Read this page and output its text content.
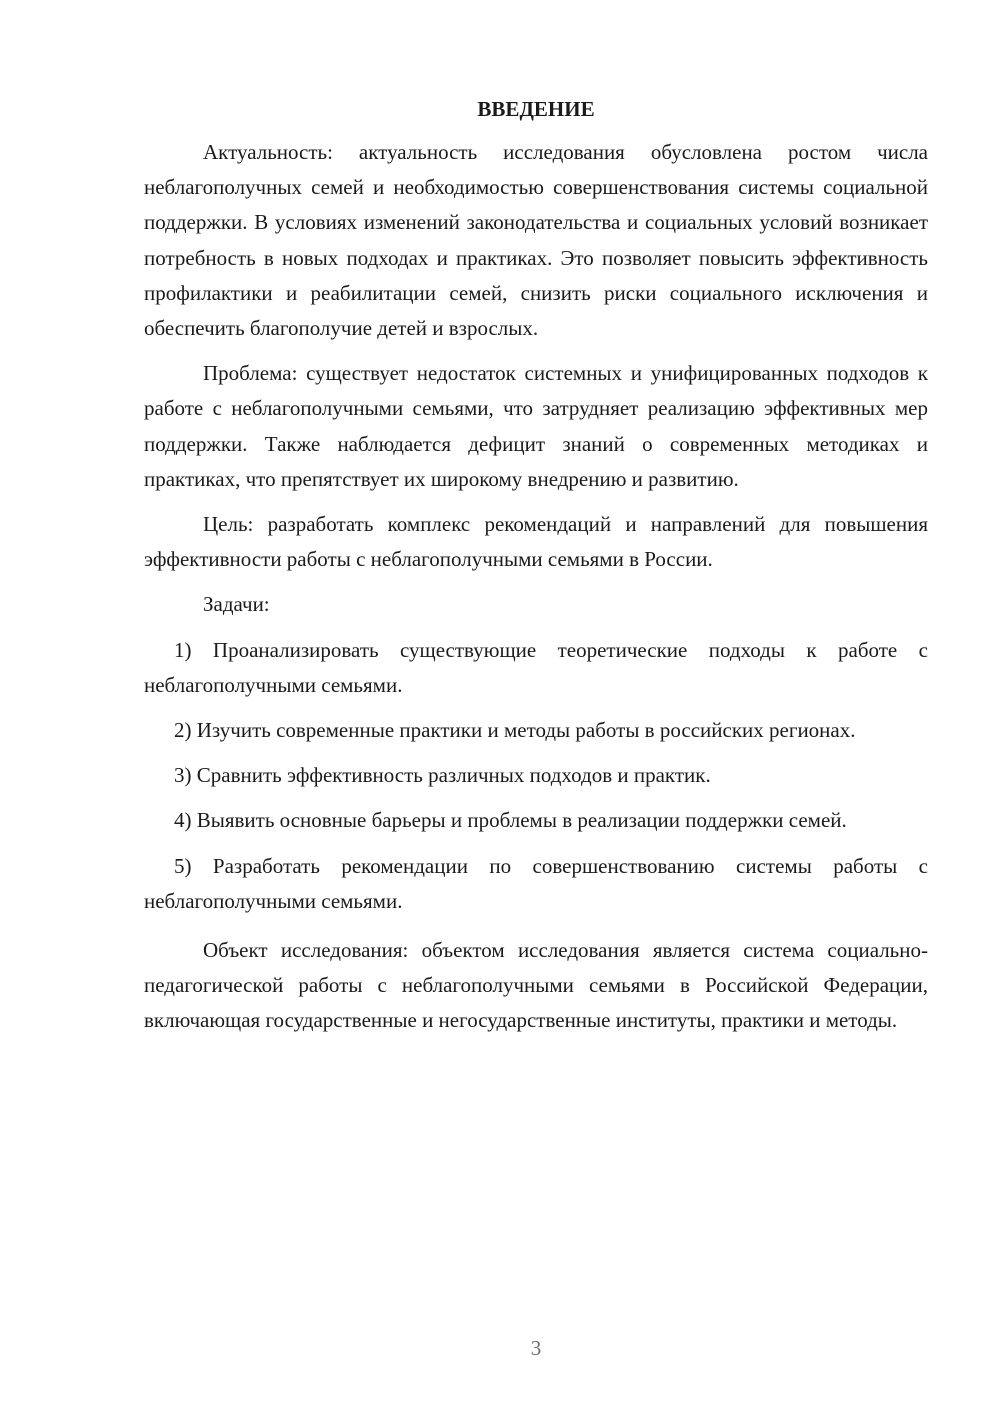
ВВЕДЕНИЕ

Актуальность: актуальность исследования обусловлена ростом числа неблагополучных семей и необходимостью совершенствования системы социальной поддержки. В условиях изменений законодательства и социальных условий возникает потребность в новых подходах и практиках. Это позволяет повысить эффективность профилактики и реабилитации семей, снизить риски социального исключения и обеспечить благополучие детей и взрослых.

Проблема: существует недостаток системных и унифицированных подходов к работе с неблагополучными семьями, что затрудняет реализацию эффективных мер поддержки. Также наблюдается дефицит знаний о современных методиках и практиках, что препятствует их широкому внедрению и развитию.

Цель: разработать комплекс рекомендаций и направлений для повышения эффективности работы с неблагополучными семьями в России.

Задачи:

1) Проанализировать существующие теоретические подходы к работе с неблагополучными семьями.

2) Изучить современные практики и методы работы в российских регионах.

3) Сравнить эффективность различных подходов и практик.

4) Выявить основные барьеры и проблемы в реализации поддержки семей.

5) Разработать рекомендации по совершенствованию системы работы с неблагополучными семьями.

Объект исследования: объектом исследования является система социально-педагогической работы с неблагополучными семьями в Российской Федерации, включающая государственные и негосударственные институты, практики и методы.

3
